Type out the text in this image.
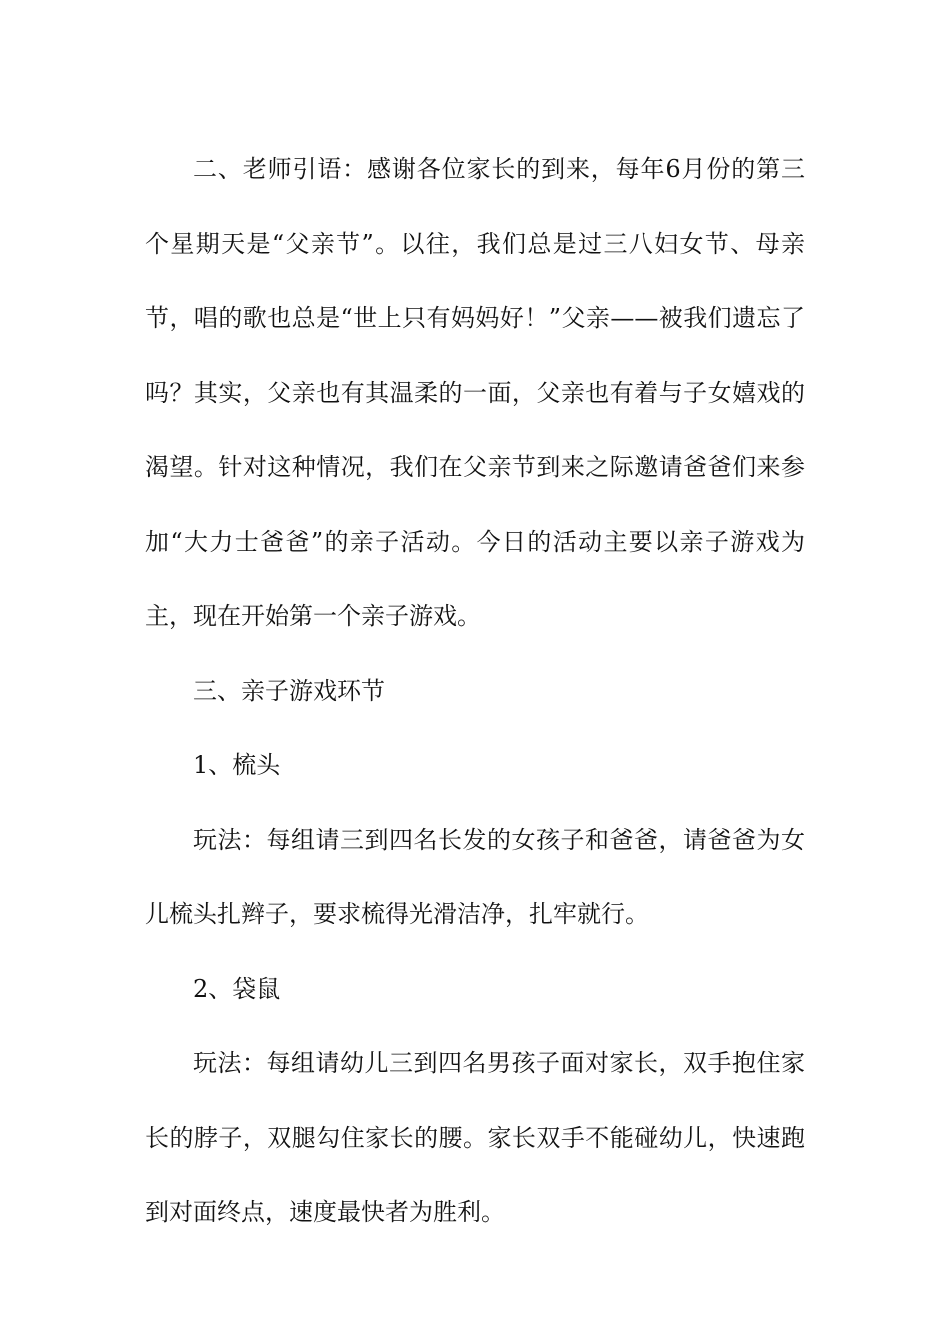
二、老师引语：感谢各位家长的到来，每年6月份的第三个星期天是“父亲节”。以往，我们总是过三八妇女节、母亲节，唱的歌也总是“世上只有妈妈好！”父亲——被我们遗忘了吗？其实，父亲也有其温柔的一面，父亲也有着与子女嬉戏的渴望。针对这种情况，我们在父亲节到来之际邀请爸爸们来参加“大力士爸爸”的亲子活动。今日的活动主要以亲子游戏为主，现在开始第一个亲子游戏。

三、亲子游戏环节

1、梳头

玩法：每组请三到四名长发的女孩子和爸爸，请爸爸为女儿梳头扎辫子，要求梳得光滑洁净，扎牢就行。

2、袋鼠

玩法：每组请幼儿三到四名男孩子面对家长，双手抱住家长的脖子，双腿勾住家长的腰。家长双手不能碰幼儿，快速跑到对面终点，速度最快者为胜利。
